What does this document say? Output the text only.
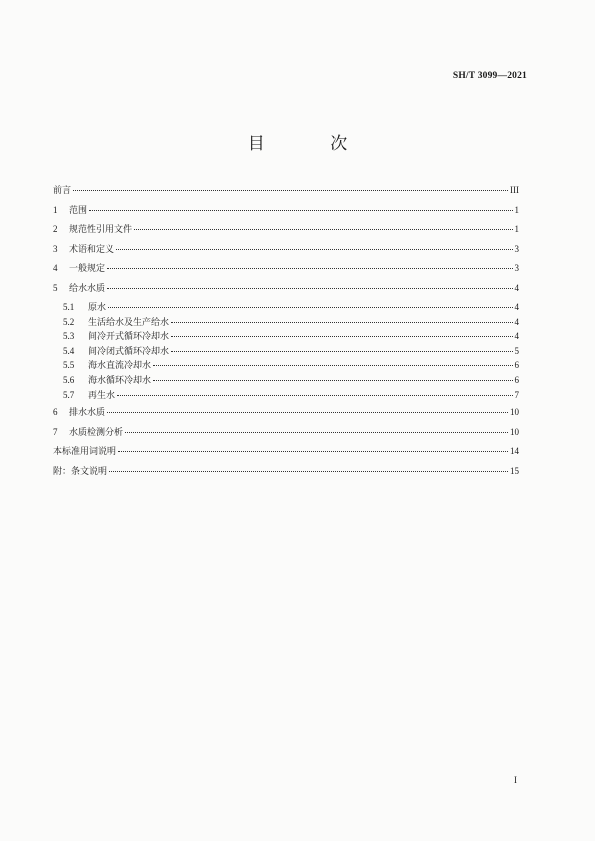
SH/T 3099—2021
目 次
前言	III
1	范围	1
2	规范性引用文件	1
3	术语和定义	3
4	一般规定	3
5	给水水质	4
5.1	原水	4
5.2	生活给水及生产给水	4
5.3	间冷开式循环冷却水	4
5.4	间冷闭式循环冷却水	5
5.5	海水直流冷却水	6
5.6	海水循环冷却水	6
5.7	再生水	7
6	排水水质	10
7	水质检测分析	10
本标准用词说明	14
附：条文说明	15
I
